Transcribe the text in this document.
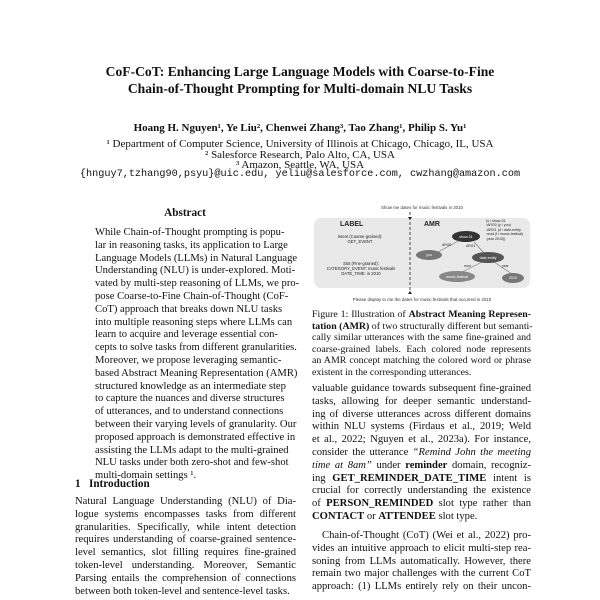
CoF-CoT: Enhancing Large Language Models with Coarse-to-Fine
Chain-of-Thought Prompting for Multi-domain NLU Tasks
Hoang H. Nguyen¹, Ye Liu², Chenwei Zhang³, Tao Zhang¹, Philip S. Yu¹
¹ Department of Computer Science, University of Illinois at Chicago, Chicago, IL, USA
² Salesforce Research, Palo Alto, CA, USA
³ Amazon, Seattle, WA, USA
{hnguy7,tzhang90,psyu}@uic.edu, yeliu@salesforce.com, cwzhang@amazon.com
Abstract
While Chain-of-Thought prompting is popu-
lar in reasoning tasks, its application to Large
Language Models (LLMs) in Natural Language
Understanding (NLU) is under-explored. Moti-
vated by multi-step reasoning of LLMs, we pro-
pose Coarse-to-Fine Chain-of-Thought (CoF-
CoT) approach that breaks down NLU tasks
into multiple reasoning steps where LLMs can
learn to acquire and leverage essential con-
cepts to solve tasks from different granularities.
Moreover, we propose leveraging semantic-
based Abstract Meaning Representation (AMR)
structured knowledge as an intermediate step
to capture the nuances and diverse structures
of utterances, and to understand connections
between their varying levels of granularity. Our
proposed approach is demonstrated effective in
assisting the LLMs adapt to the multi-grained
NLU tasks under both zero-shot and few-shot
multi-domain settings ¹.
1 Introduction
Natural Language Understanding (NLU) of Dia-
logue systems encompasses tasks from different
granularities. Specifically, while intent detection
requires understanding of coarse-grained sentence-
level semantics, slot filling requires fine-grained
token-level understanding. Moreover, Semantic
Parsing entails the comprehension of connections
between both token-level and sentence-level tasks.
Show me dates for music festivals in 2010
LABEL	AMR
Intent (Coarse-grained):
GET_EVENT
Slot (Fine-grained):
CATEGORY_EVENT: music festivals
DATE_TIME: in 2010
(s / show-01
:ARG0 (y / you)
:ARG1 (d / date-entity
:mod (f / music-festival)
:year 2010))
show-01
you
date-entity
music-festival	2010
ARG0	ARG1
mod	year
Please display to me the dates for music festivals that occurred in 2010
Figure 1: Illustration of Abstract Meaning Represen-
tation (AMR) of two structurally different but semanti-
cally similar utterances with the same fine-grained and
coarse-grained labels. Each colored node represents
an AMR concept matching the colored word or phrase
existent in the corresponding utterances.
valuable guidance towards subsequent fine-grained
tasks, allowing for deeper semantic understand-
ing of diverse utterances across different domains
within NLU systems (Firdaus et al., 2019; Weld
et al., 2022; Nguyen et al., 2023a). For instance,
consider the utterance “Remind John the meeting
time at 8am” under reminder domain, recogniz-
ing GET_REMINDER_DATE_TIME intent is
crucial for correctly understanding the existence
of PERSON_REMINDED slot type rather than
CONTACT or ATTENDEE slot type.
Chain-of-Thought (CoT) (Wei et al., 2022) pro-
vides an intuitive approach to elicit multi-step rea-
soning from LLMs automatically. However, there
remain two major challenges with the current CoT
approach: (1) LLMs entirely rely on their uncon-
